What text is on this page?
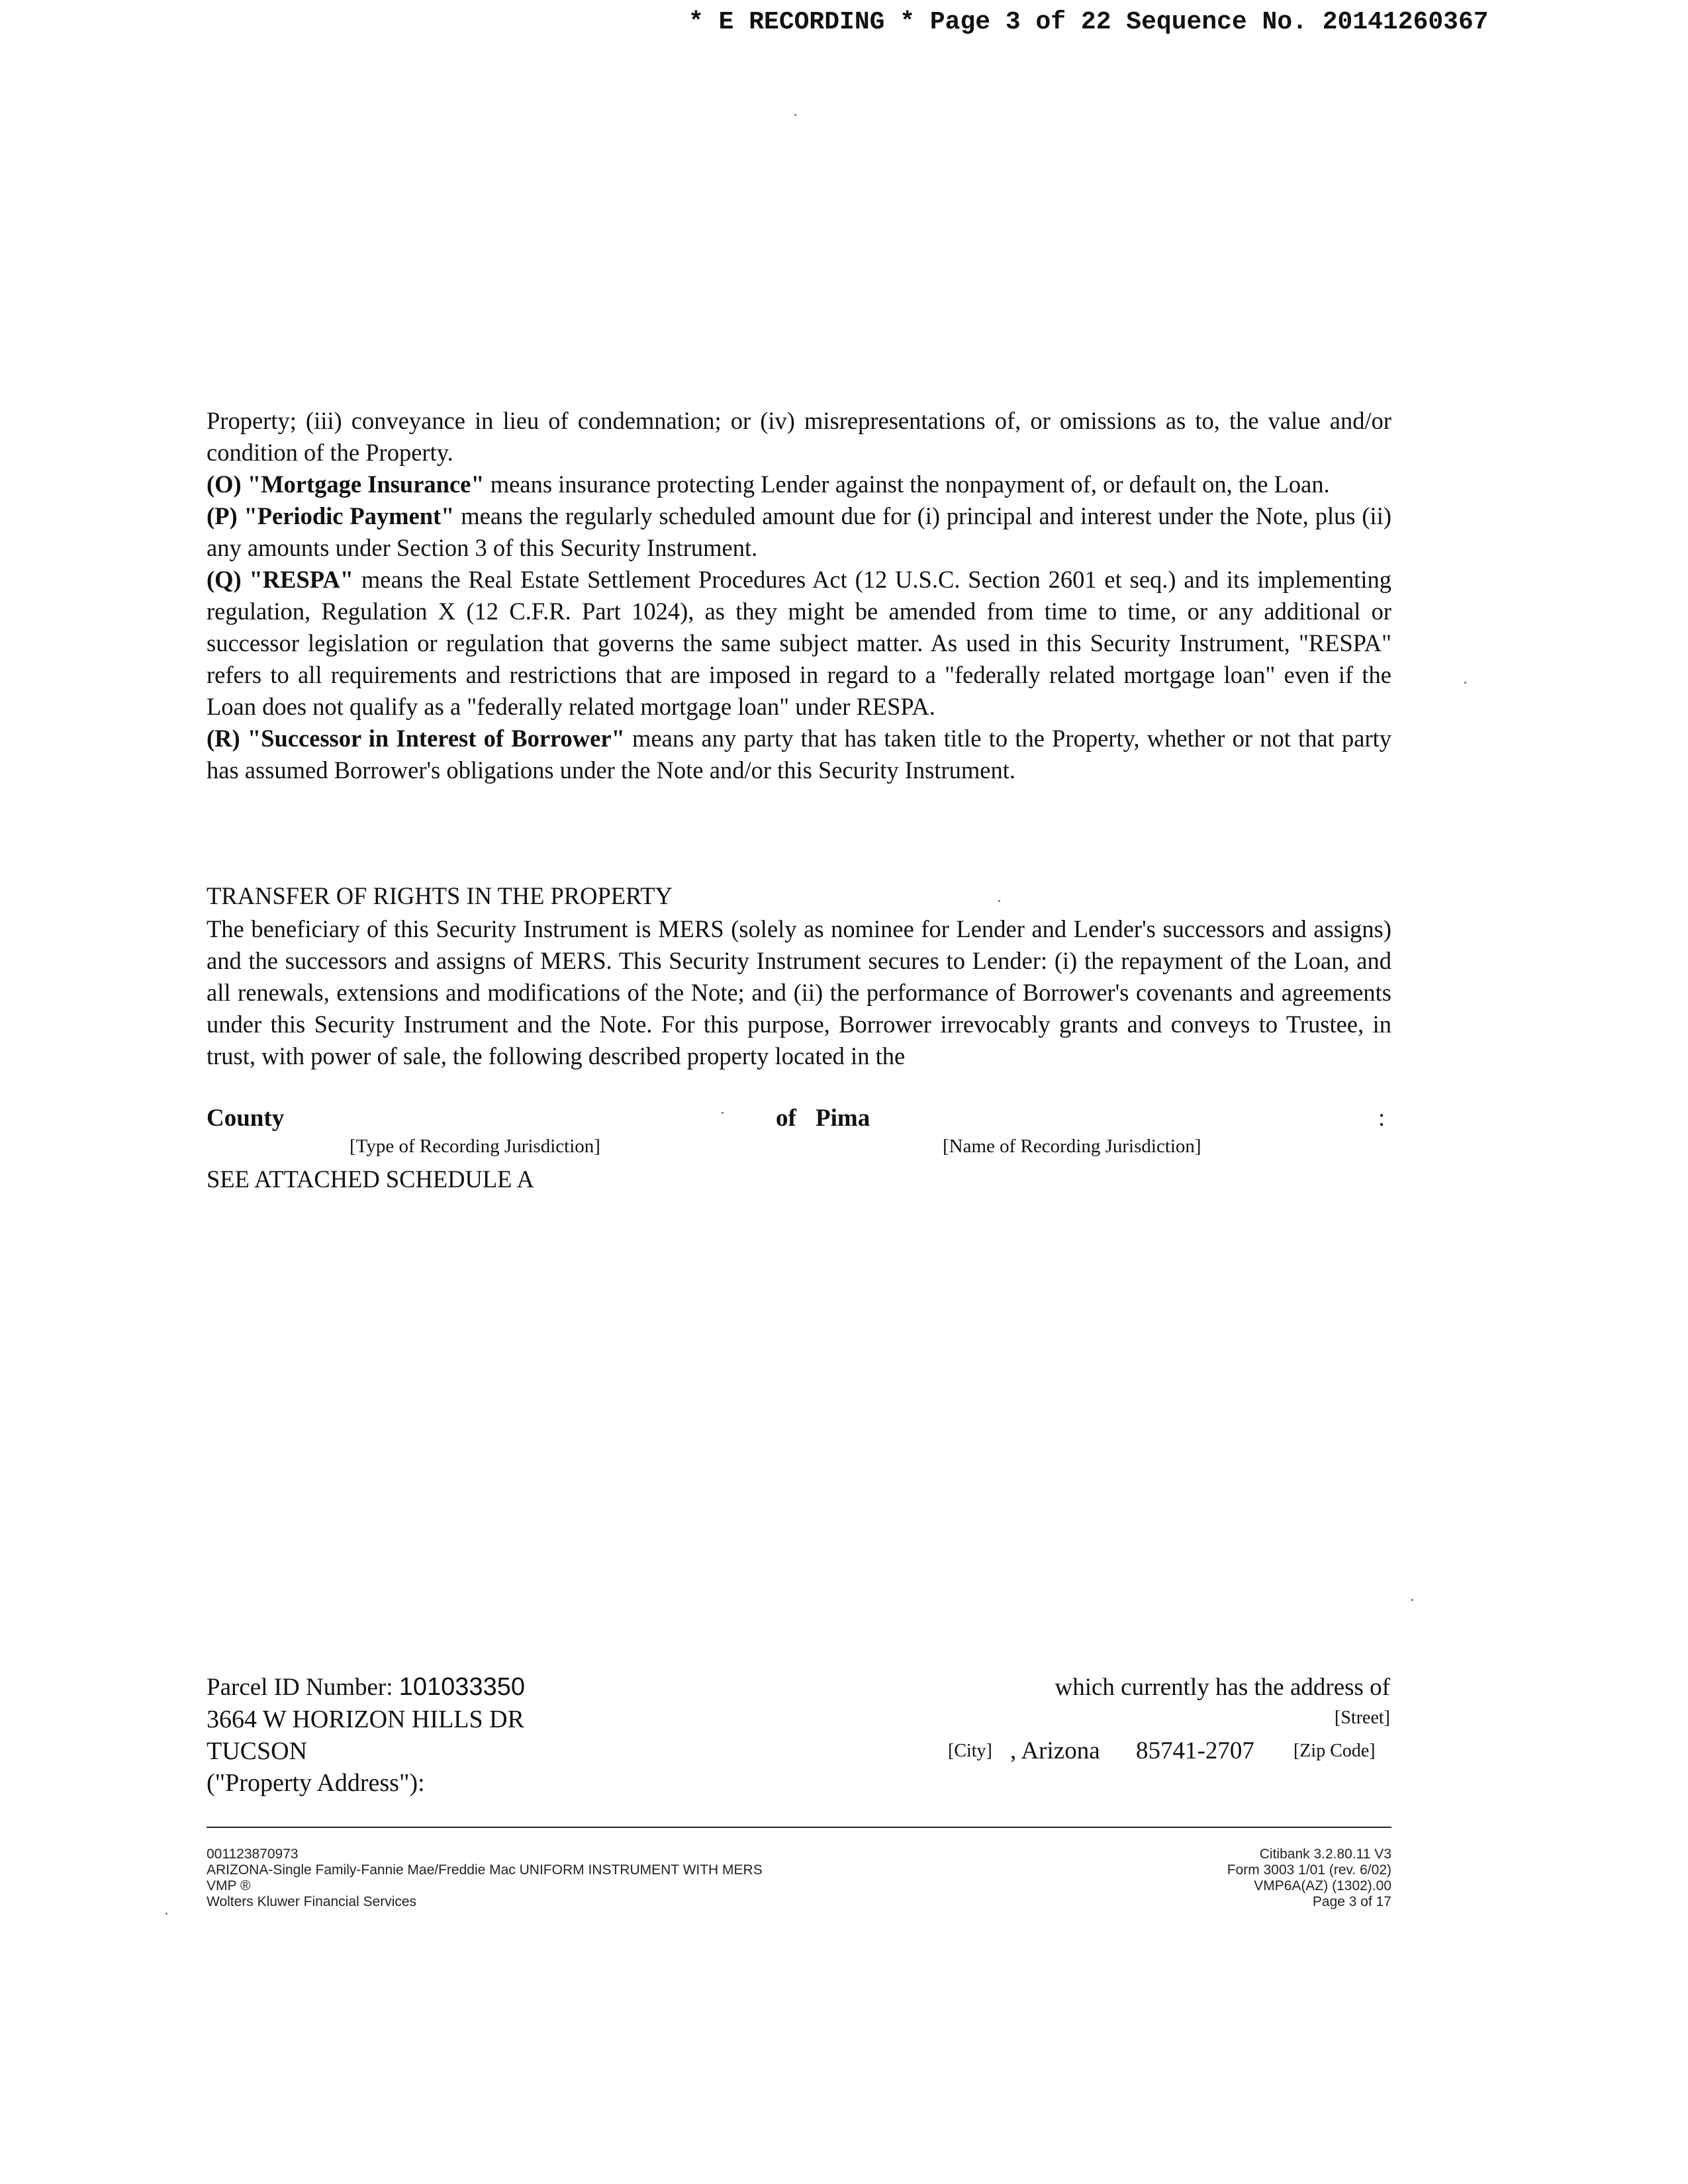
* E RECORDING * Page 3 of 22 Sequence No. 20141260367

Property; (iii) conveyance in lieu of condemnation; or (iv) misrepresentations of, or omissions as to, the value and/or condition of the Property.

(O) "Mortgage Insurance" means insurance protecting Lender against the nonpayment of, or default on, the Loan.

(P) "Periodic Payment" means the regularly scheduled amount due for (i) principal and interest under the Note, plus (ii) any amounts under Section 3 of this Security Instrument.

(Q) "RESPA" means the Real Estate Settlement Procedures Act (12 U.S.C. Section 2601 et seq.) and its implementing regulation, Regulation X (12 C.F.R. Part 1024), as they might be amended from time to time, or any additional or successor legislation or regulation that governs the same subject matter. As used in this Security Instrument, "RESPA" refers to all requirements and restrictions that are imposed in regard to a "federally related mortgage loan" even if the Loan does not qualify as a "federally related mortgage loan" under RESPA.

(R) "Successor in Interest of Borrower" means any party that has taken title to the Property, whether or not that party has assumed Borrower's obligations under the Note and/or this Security Instrument.

TRANSFER OF RIGHTS IN THE PROPERTY
The beneficiary of this Security Instrument is MERS (solely as nominee for Lender and Lender's successors and assigns) and the successors and assigns of MERS. This Security Instrument secures to Lender: (i) the repayment of the Loan, and all renewals, extensions and modifications of the Note; and (ii) the performance of Borrower's covenants and agreements under this Security Instrument and the Note. For this purpose, Borrower irrevocably grants and conveys to Trustee, in trust, with power of sale, the following described property located in the
County	of Pima	:
[Type of Recording Jurisdiction]	[Name of Recording Jurisdiction]
SEE ATTACHED SCHEDULE A
Parcel ID Number: 101033350
3664 W HORIZON HILLS DR
TUCSON
("Property Address"):
which currently has the address of
[Street]
[City] , Arizona 85741-2707 [Zip Code]
001123870973
ARIZONA-Single Family-Fannie Mae/Freddie Mac UNIFORM INSTRUMENT WITH MERS
VMP ®
Wolters Kluwer Financial Services
Citibank 3.2.80.11 V3
Form 3003 1/01 (rev. 6/02)
VMP6A(AZ) (1302).00
Page 3 of 17
